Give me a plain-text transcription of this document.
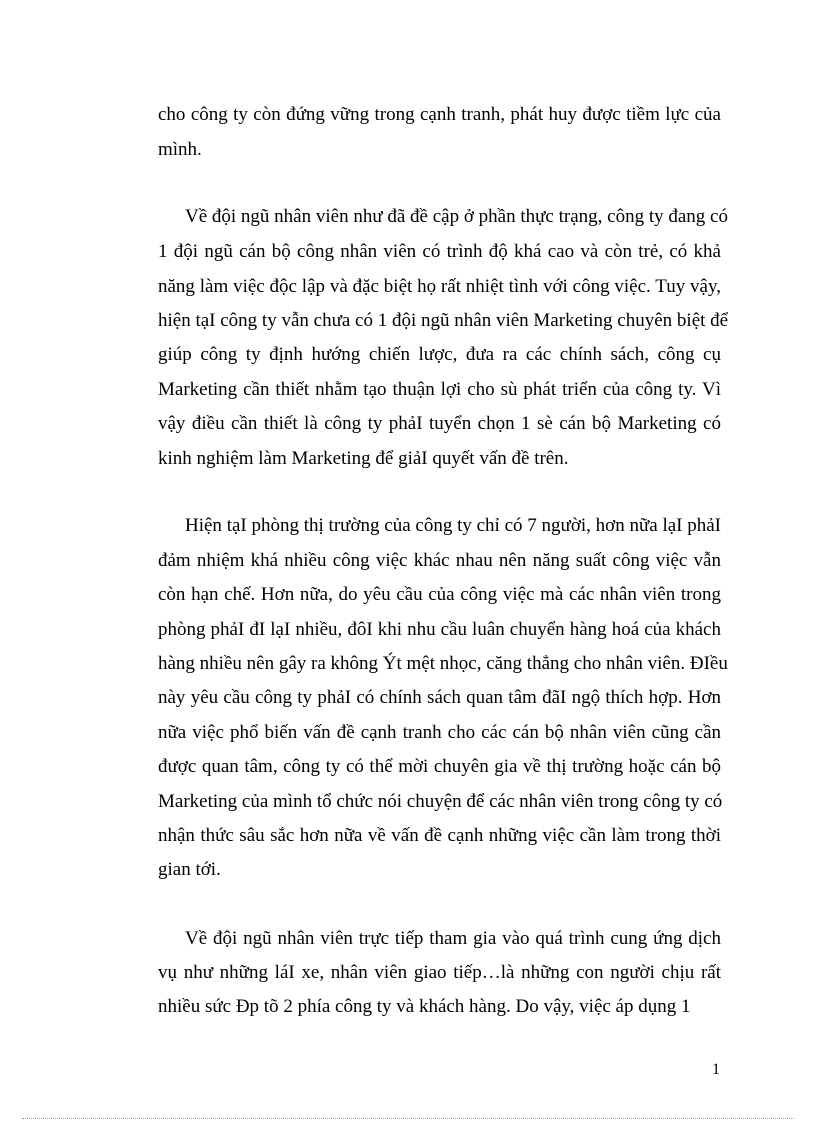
cho công ty còn đứng vững trong cạnh tranh, phát huy được tiềm lực của
mình.
Về đội ngũ nhân viên như đã đề cập ở phần thực trạng, công ty đang có
1 đội ngũ cán bộ công nhân viên có trình độ khá cao và còn trẻ, có khả
năng làm việc độc lập và đặc biệt họ rất nhiệt tình với công việc. Tuy vậy,
hiện tạI công ty vẫn chưa có 1 đội ngũ nhân viên Marketing chuyên biệt để
giúp công ty định hướng chiến lược, đưa ra các chính sách, công cụ
Marketing cần thiết nhằm tạo thuận lợi cho sù phát triển của công ty. Vì
vậy điều cần thiết là công ty phảI tuyển chọn 1 sè cán bộ Marketing có
kinh nghiệm làm Marketing để giảI quyết vấn đề trên.
Hiện tạI phòng thị trường của công ty chỉ có 7 người, hơn nữa lạI phảI
đảm nhiệm khá nhiều công việc khác nhau nên năng suất công việc vẫn
còn hạn chế. Hơn nữa, do yêu cầu của công việc mà các nhân viên trong
phòng phảI đI lạI nhiều, đôI khi nhu cầu luân chuyển hàng hoá của khách
hàng nhiều nên gây ra không Ýt mệt nhọc, căng thẳng cho nhân viên. ĐIều
này yêu cầu công ty phảI có chính sách quan tâm đãI ngộ thích hợp. Hơn
nữa việc phổ biến vấn đề cạnh tranh cho các cán bộ nhân viên cũng cần
được quan tâm, công ty có thể mời chuyên gia về thị trường hoặc cán bộ
Marketing của mình tổ chức nói chuyện để các nhân viên trong công ty có
nhận thức sâu sắc hơn nữa về vấn đề cạnh những việc cần làm trong thời
gian tới.
Về đội ngũ nhân viên trực tiếp tham gia vào quá trình cung ứng dịch
vụ như những láI xe, nhân viên giao tiếp…là những con người chịu rất
nhiều sức Ðp tõ 2 phía công ty và khách hàng. Do vậy, việc áp dụng 1
1
